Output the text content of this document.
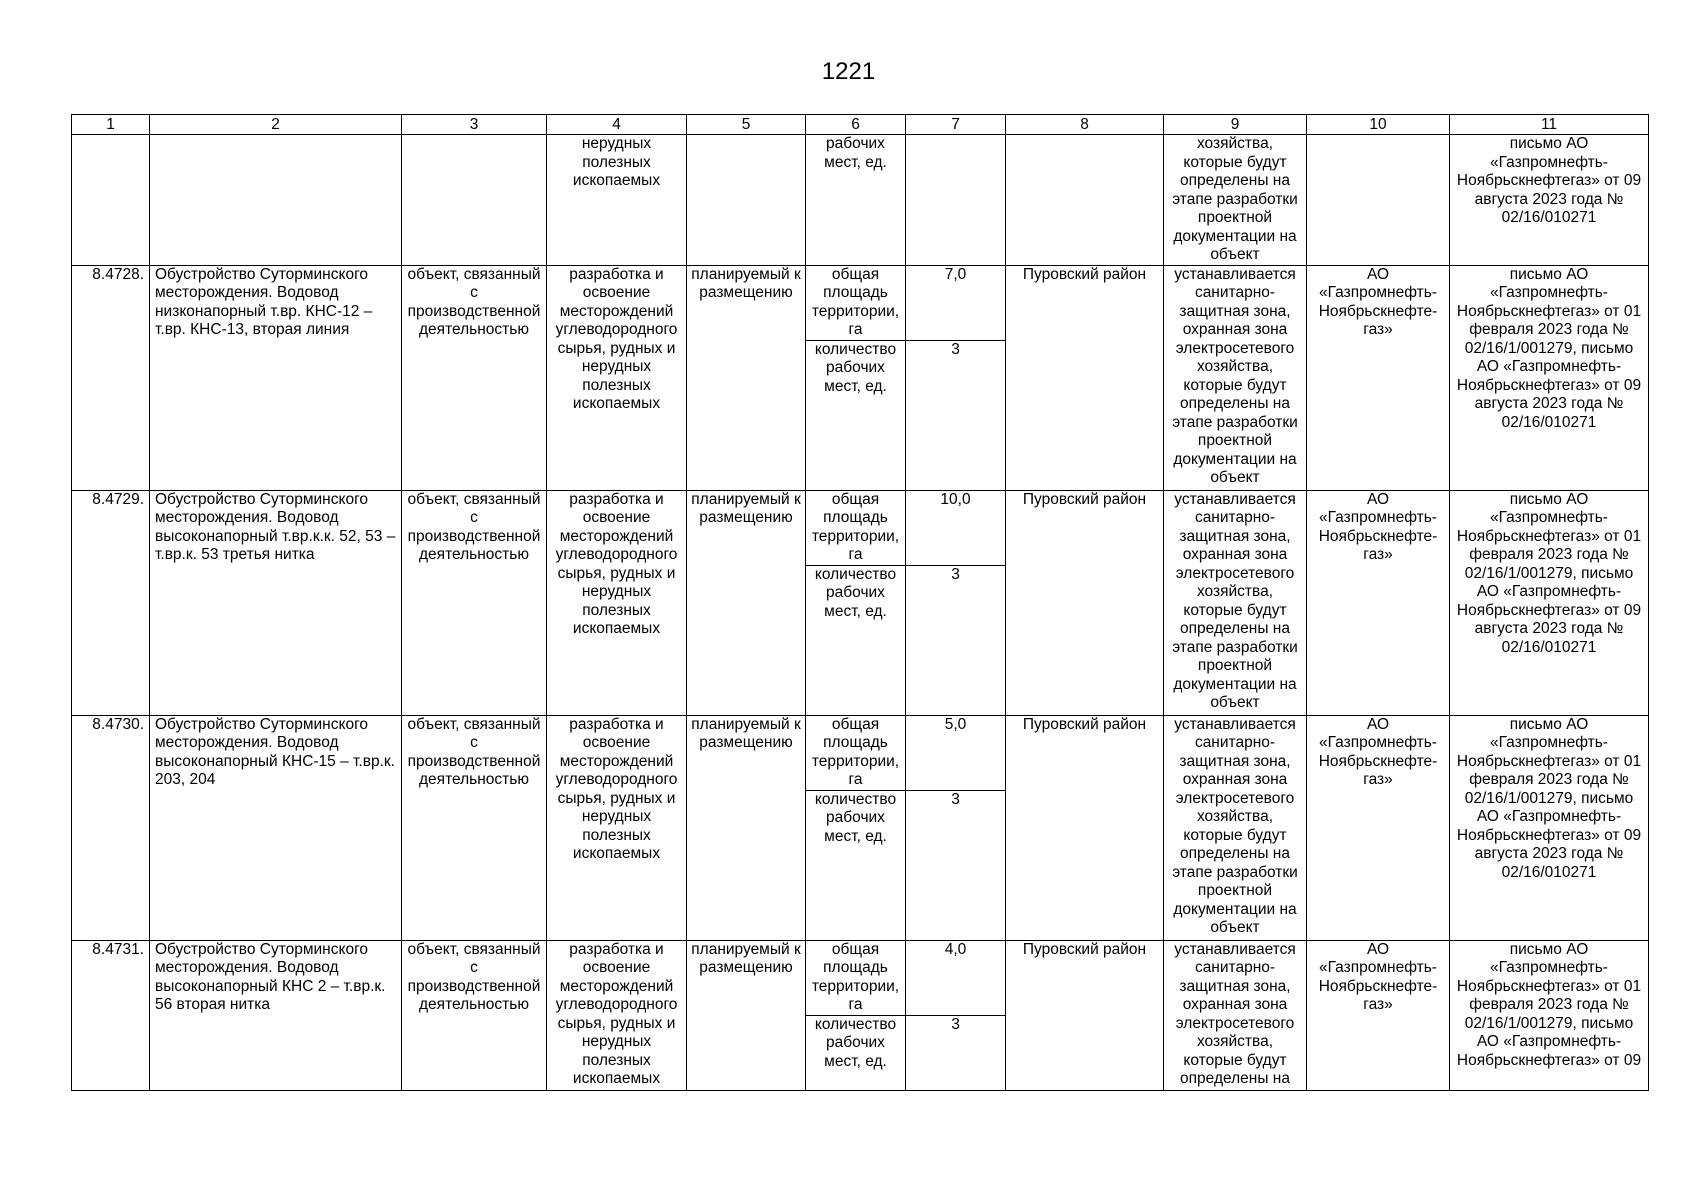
1221
1	2	3	4	5	6	7	8	9	10	11
			нерудных полезных ископаемых		рабочих мест, ед.			хозяйства, которые будут определены на этапе разработки проектной документации на объект		письмо АО «Газпромнефть-Ноябрьскнефтегаз» от 09 августа 2023 года № 02/16/010271
8.4728.	Обустройство Суторминского месторождения. Водовод низконапорный т.вр. КНС-12 – т.вр. КНС-13, вторая линия	объект, связанный с производственной деятельностью	разработка и освоение месторождений углеводородного сырья, рудных и нерудных полезных ископаемых	планируемый к размещению	общая площадь территории, га	7,0	Пуровский район	устанавливается санитарно-защитная зона, охранная зона электросетевого хозяйства, которые будут определены на этапе разработки проектной документации на объект	АО «Газпромнефть-Ноябрьскнефте-газ»	письмо АО «Газпромнефть-Ноябрьскнефтегаз» от 01 февраля 2023 года № 02/16/1/001279, письмо АО «Газпромнефть-Ноябрьскнефтегаз» от 09 августа 2023 года № 02/16/010271
					количество рабочих мест, ед.	3				
8.4729.	Обустройство Суторминского месторождения. Водовод высоконапорный т.вр.к.к. 52, 53 – т.вр.к. 53 третья нитка	объект, связанный с производственной деятельностью	разработка и освоение месторождений углеводородного сырья, рудных и нерудных полезных ископаемых	планируемый к размещению	общая площадь территории, га	10,0	Пуровский район	устанавливается санитарно-защитная зона, охранная зона электросетевого хозяйства, которые будут определены на этапе разработки проектной документации на объект	АО «Газпромнефть-Ноябрьскнефте-газ»	письмо АО «Газпромнефть-Ноябрьскнефтегаз» от 01 февраля 2023 года № 02/16/1/001279, письмо АО «Газпромнефть-Ноябрьскнефтегаз» от 09 августа 2023 года № 02/16/010271
					количество рабочих мест, ед.	3				
8.4730.	Обустройство Суторминского месторождения. Водовод высоконапорный КНС-15 – т.вр.к. 203, 204	объект, связанный с производственной деятельностью	разработка и освоение месторождений углеводородного сырья, рудных и нерудных полезных ископаемых	планируемый к размещению	общая площадь территории, га	5,0	Пуровский район	устанавливается санитарно-защитная зона, охранная зона электросетевого хозяйства, которые будут определены на этапе разработки проектной документации на объект	АО «Газпромнефть-Ноябрьскнефте-газ»	письмо АО «Газпромнефть-Ноябрьскнефтегаз» от 01 февраля 2023 года № 02/16/1/001279, письмо АО «Газпромнефть-Ноябрьскнефтегаз» от 09 августа 2023 года № 02/16/010271
					количество рабочих мест, ед.	3				
8.4731.	Обустройство Суторминского месторождения. Водовод высоконапорный КНС 2 – т.вр.к. 56 вторая нитка	объект, связанный с производственной деятельностью	разработка и освоение месторождений углеводородного сырья, рудных и нерудных полезных ископаемых	планируемый к размещению	общая площадь территории, га	4,0	Пуровский район	устанавливается санитарно-защитная зона, охранная зона электросетевого хозяйства, которые будут определены на	АО «Газпромнефть-Ноябрьскнефте-газ»	письмо АО «Газпромнефть-Ноябрьскнефтегаз» от 01 февраля 2023 года № 02/16/1/001279, письмо АО «Газпромнефть-Ноябрьскнефтегаз» от 09
					количество рабочих мест, ед.	3				
